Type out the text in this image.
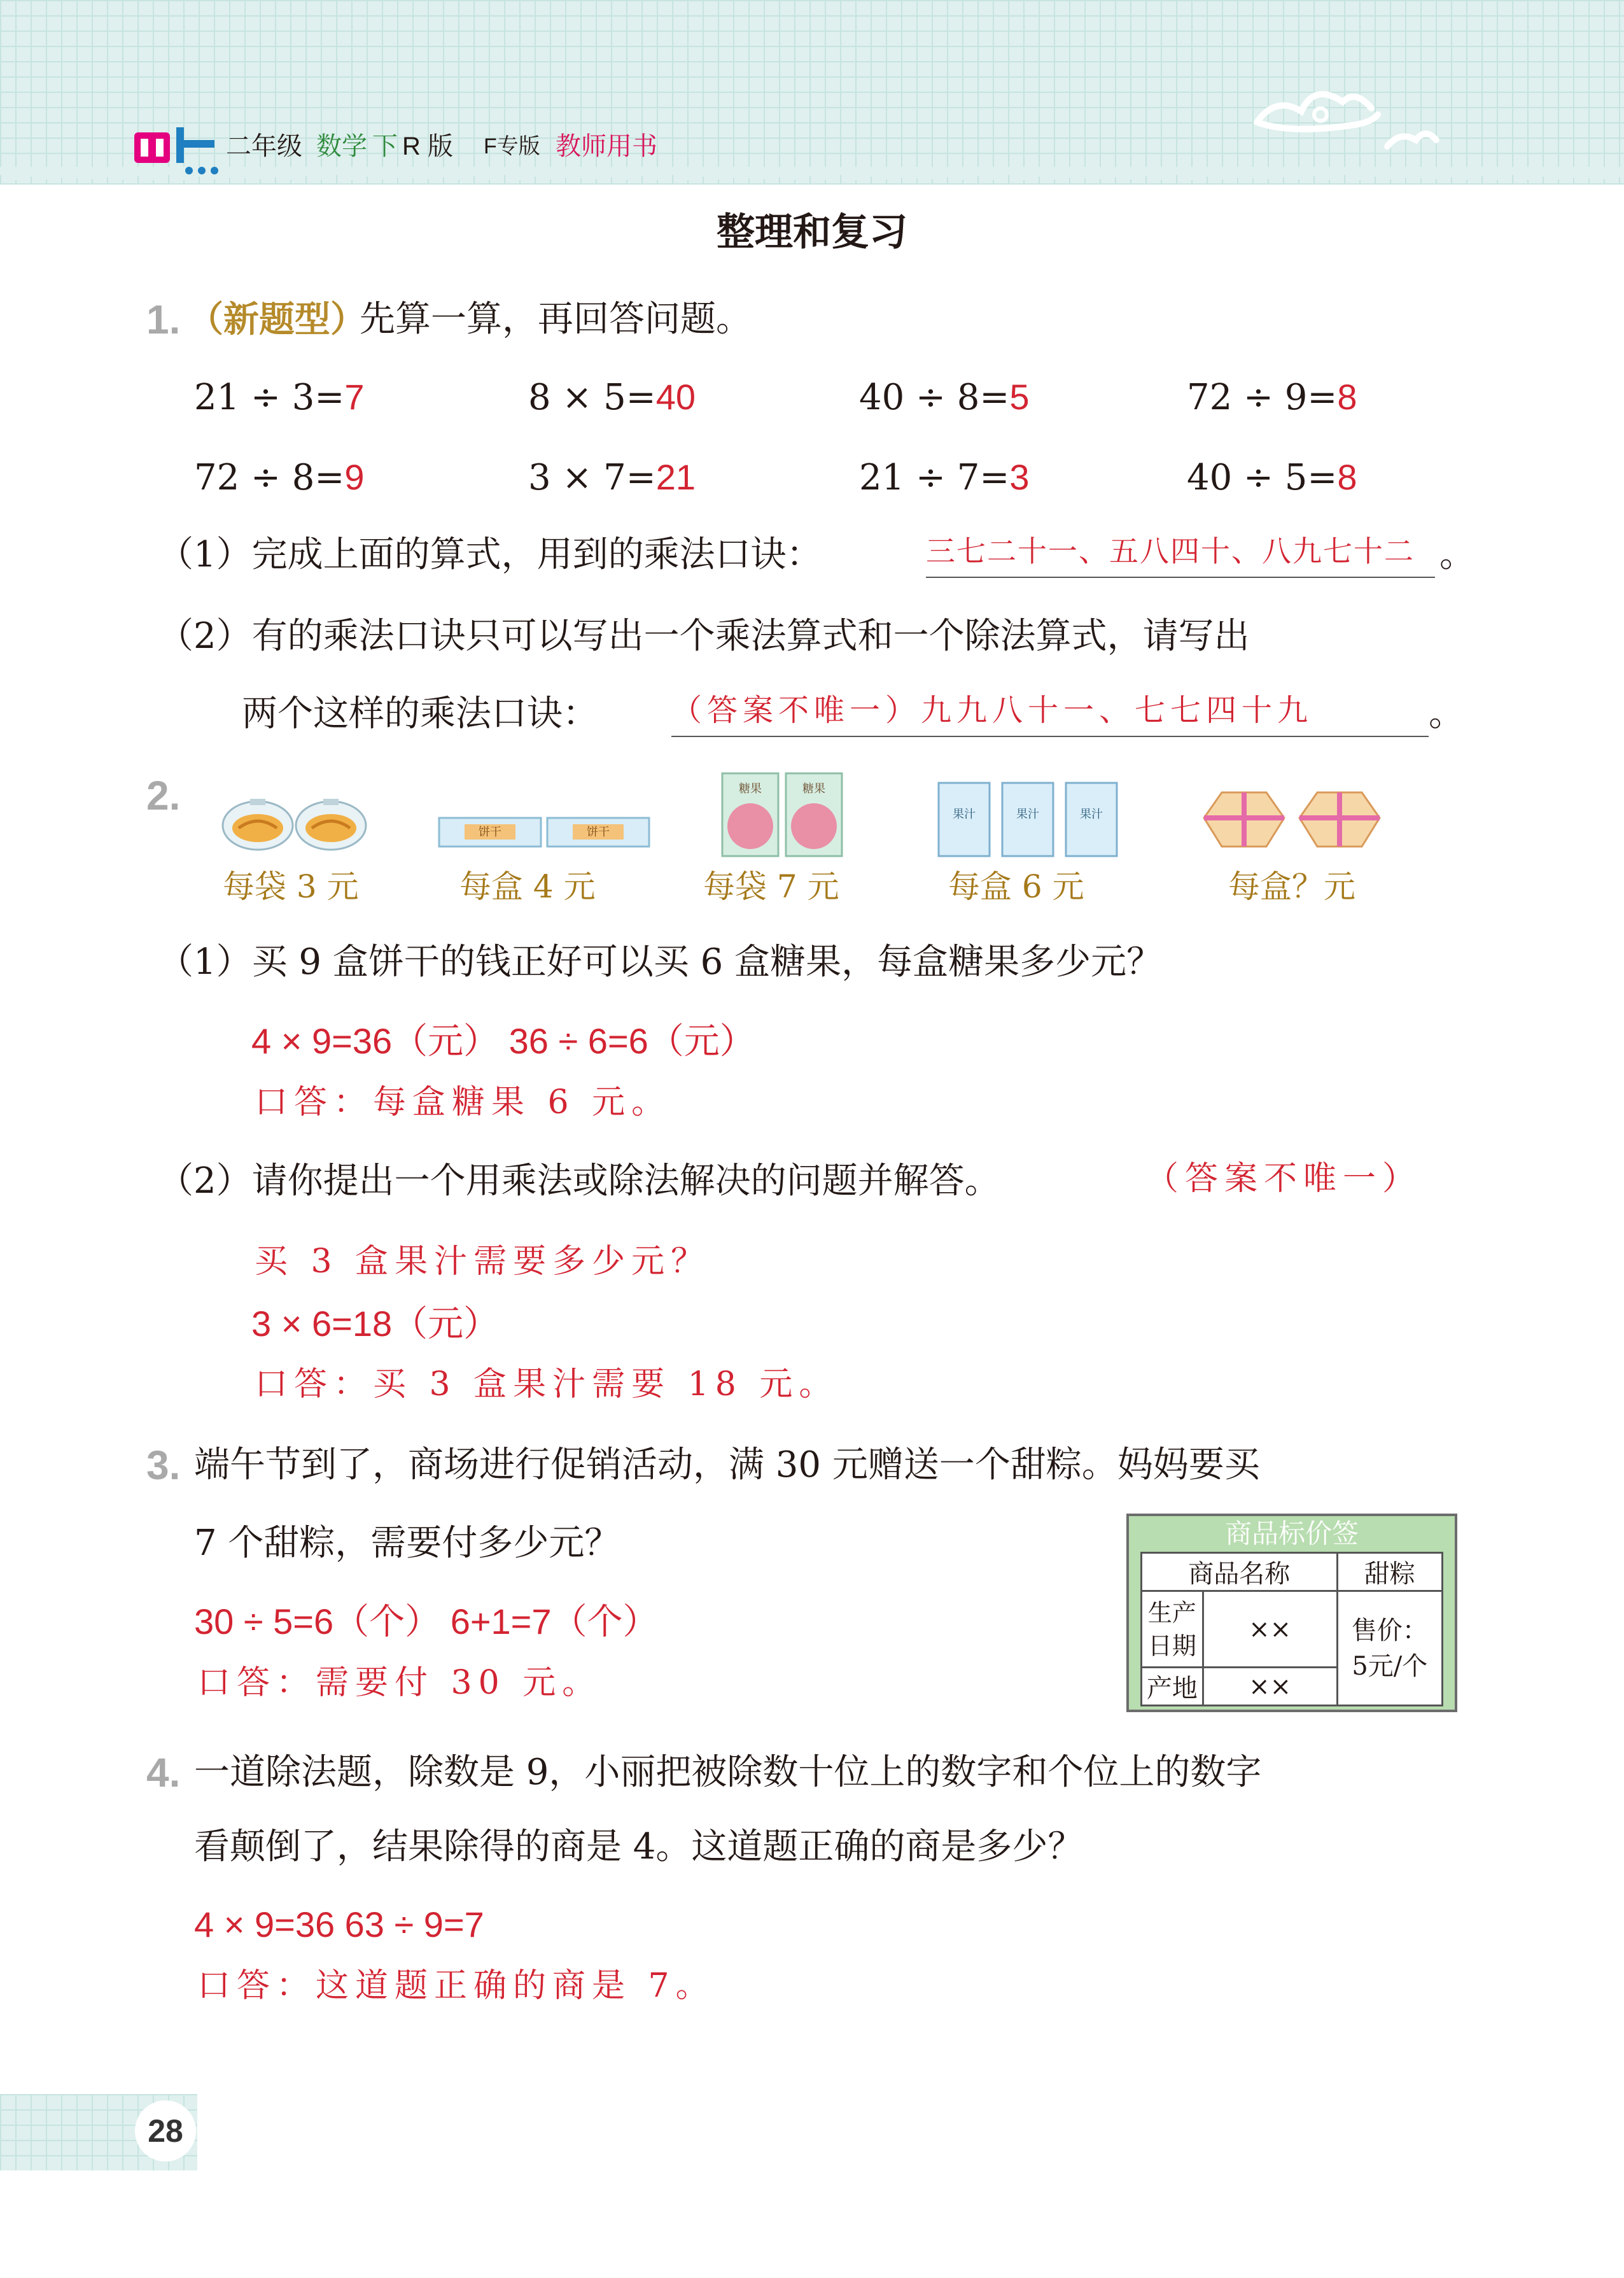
二年级 数学 下 R 版 F专版 教师用书
整理和复习
1. （新题型）
先算一算，再回答问题。
21 ÷ 3=7	8 × 5=40	40 ÷ 8=5	72 ÷ 9=8
72 ÷ 8=9	3 × 7=21	21 ÷ 7=3	40 ÷ 5=8
（1）完成上面的算式，用到的乘法口诀：	三七二十一、五八四十、八九七十二 。
（2）有的乘法口诀只可以写出一个乘法算式和一个除法算式，请写出
两个这样的乘法口诀： （答案不唯一）九九八十一、七七四十九	。
2.
饼干	饼干
糖果	糖果
果汁	果汁	果汁
每袋 3 元	每盒 4 元	每袋 7 元	每盒 6 元	每盒？元
（1）买 9 盒饼干的钱正好可以买 6 盒糖果，每盒糖果多少元？
4 × 9=36（元） 36 ÷ 6=6（元）
口答：每盒糖果 6 元。
（2）请你提出一个用乘法或除法解决的问题并解答。	（答案不唯一）
买 3 盒果汁需要多少元？
3 × 6=18（元）
口答：买 3 盒果汁需要 18 元。
3. 端午节到了，商场进行促销活动，满 30 元赠送一个甜粽。妈妈要买
7 个甜粽，需要付多少元？
30 ÷ 5=6（个） 6+1=7（个）
口答：需要付 30 元。
商品标价签
商品名称		甜粽
生产日期	××	售价：
5元/个

产地	××	
4. 一道除法题，除数是 9，小丽把被除数十位上的数字和个位上的数字
看颠倒了，结果除得的商是 4。这道题正确的商是多少？
4 × 9=36 63 ÷ 9=7
口答：这道题正确的商是 7。
28
